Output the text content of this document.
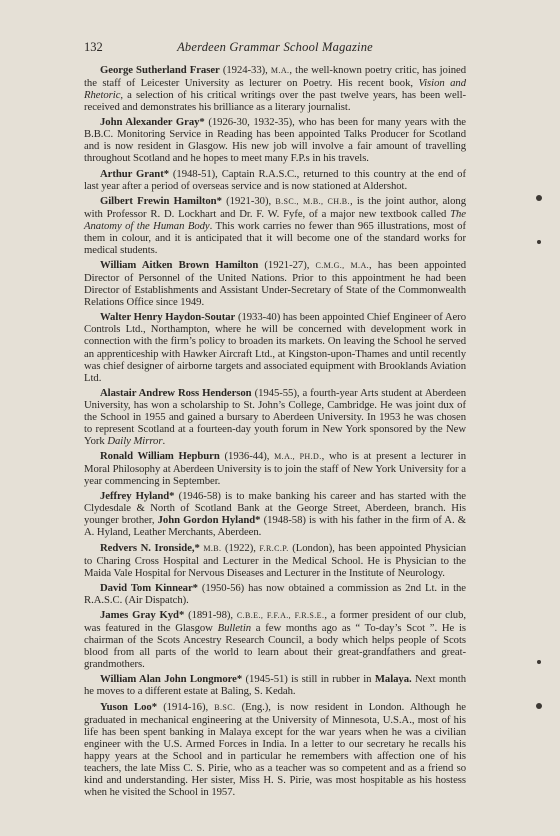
132	Aberdeen Grammar School Magazine

George Sutherland Fraser (1924-33), M.A., the well-known poetry critic, has joined the staff of Leicester University as lecturer on Poetry. His recent book, Vision and Rhetoric, a selection of his critical writings over the past twelve years, has been well-received and demonstrates his brilliance as a literary journalist.

John Alexander Gray* (1926-30, 1932-35), who has been for many years with the B.B.C. Monitoring Service in Reading has been appointed Talks Producer for Scotland and is now resident in Glasgow. His new job will involve a fair amount of travelling throughout Scotland and he hopes to meet many F.P.s in his travels.

Arthur Grant* (1948-51), Captain R.A.S.C., returned to this country at the end of last year after a period of overseas service and is now stationed at Aldershot.

Gilbert Frewin Hamilton* (1921-30), B.SC., M.B., CH.B., is the joint author, along with Professor R. D. Lockhart and Dr. F. W. Fyfe, of a major new textbook called The Anatomy of the Human Body. This work carries no fewer than 965 illustrations, most of them in colour, and it is anticipated that it will become one of the standard works for medical students.

William Aitken Brown Hamilton (1921-27), C.M.G., M.A., has been appointed Director of Personnel of the United Nations. Prior to this appointment he had been Director of Establishments and Assistant Under-Secretary of State of the Commonwealth Relations Office since 1949.

Walter Henry Haydon-Soutar (1933-40) has been appointed Chief Engineer of Aero Controls Ltd., Northampton, where he will be concerned with development work in connection with the firm’s policy to broaden its markets. On leaving the School he served an apprenticeship with Hawker Aircraft Ltd., at Kingston-upon-Thames and until recently was chief designer of airborne targets and associated equipment with Brooklands Aviation Ltd.

Alastair Andrew Ross Henderson (1945-55), a fourth-year Arts student at Aberdeen University, has won a scholarship to St. John’s College, Cambridge. He was joint dux of the School in 1955 and gained a bursary to Aberdeen University. In 1953 he was chosen to represent Scotland at a fourteen-day youth forum in New York sponsored by the New York Daily Mirror.

Ronald William Hepburn (1936-44), M.A., PH.D., who is at present a lecturer in Moral Philosophy at Aberdeen University is to join the staff of New York University for a year commencing in September.

Jeffrey Hyland* (1946-58) is to make banking his career and has started with the Clydesdale & North of Scotland Bank at the George Street, Aberdeen, branch. His younger brother, John Gordon Hyland* (1948-58) is with his father in the firm of A. & A. Hyland, Leather Merchants, Aberdeen.

Redvers N. Ironside,* M.B. (1922), F.R.C.P. (London), has been appointed Physician to Charing Cross Hospital and Lecturer in the Medical School. He is Physician to the Maida Vale Hospital for Nervous Diseases and Lecturer in the Institute of Neurology.

David Tom Kinnear* (1950-56) has now obtained a commission as 2nd Lt. in the R.A.S.C. (Air Dispatch).

James Gray Kyd* (1891-98), C.B.E., F.F.A., F.R.S.E., a former president of our club, was featured in the Glasgow Bulletin a few months ago as “ To-day’s Scot ”. He is chairman of the Scots Ancestry Research Council, a body which helps people of Scots blood from all parts of the world to learn about their great-grandfathers and great-grandmothers.

William Alan John Longmore* (1945-51) is still in rubber in Malaya. Next month he moves to a different estate at Baling, S. Kedah.

Yuson Loo* (1914-16), B.SC. (Eng.), is now resident in London. Although he graduated in mechanical engineering at the University of Minnesota, U.S.A., most of his life has been spent banking in Malaya except for the war years when he was a civilian engineer with the U.S. Armed Forces in India. In a letter to our secretary he recalls his happy years at the School and in particular he remembers with affection one of his teachers, the late Miss C. S. Pirie, who as a teacher was so competent and as a friend so kind and understanding. Her sister, Miss H. S. Pirie, was most hospitable as his hostess when he visited the School in 1957.
